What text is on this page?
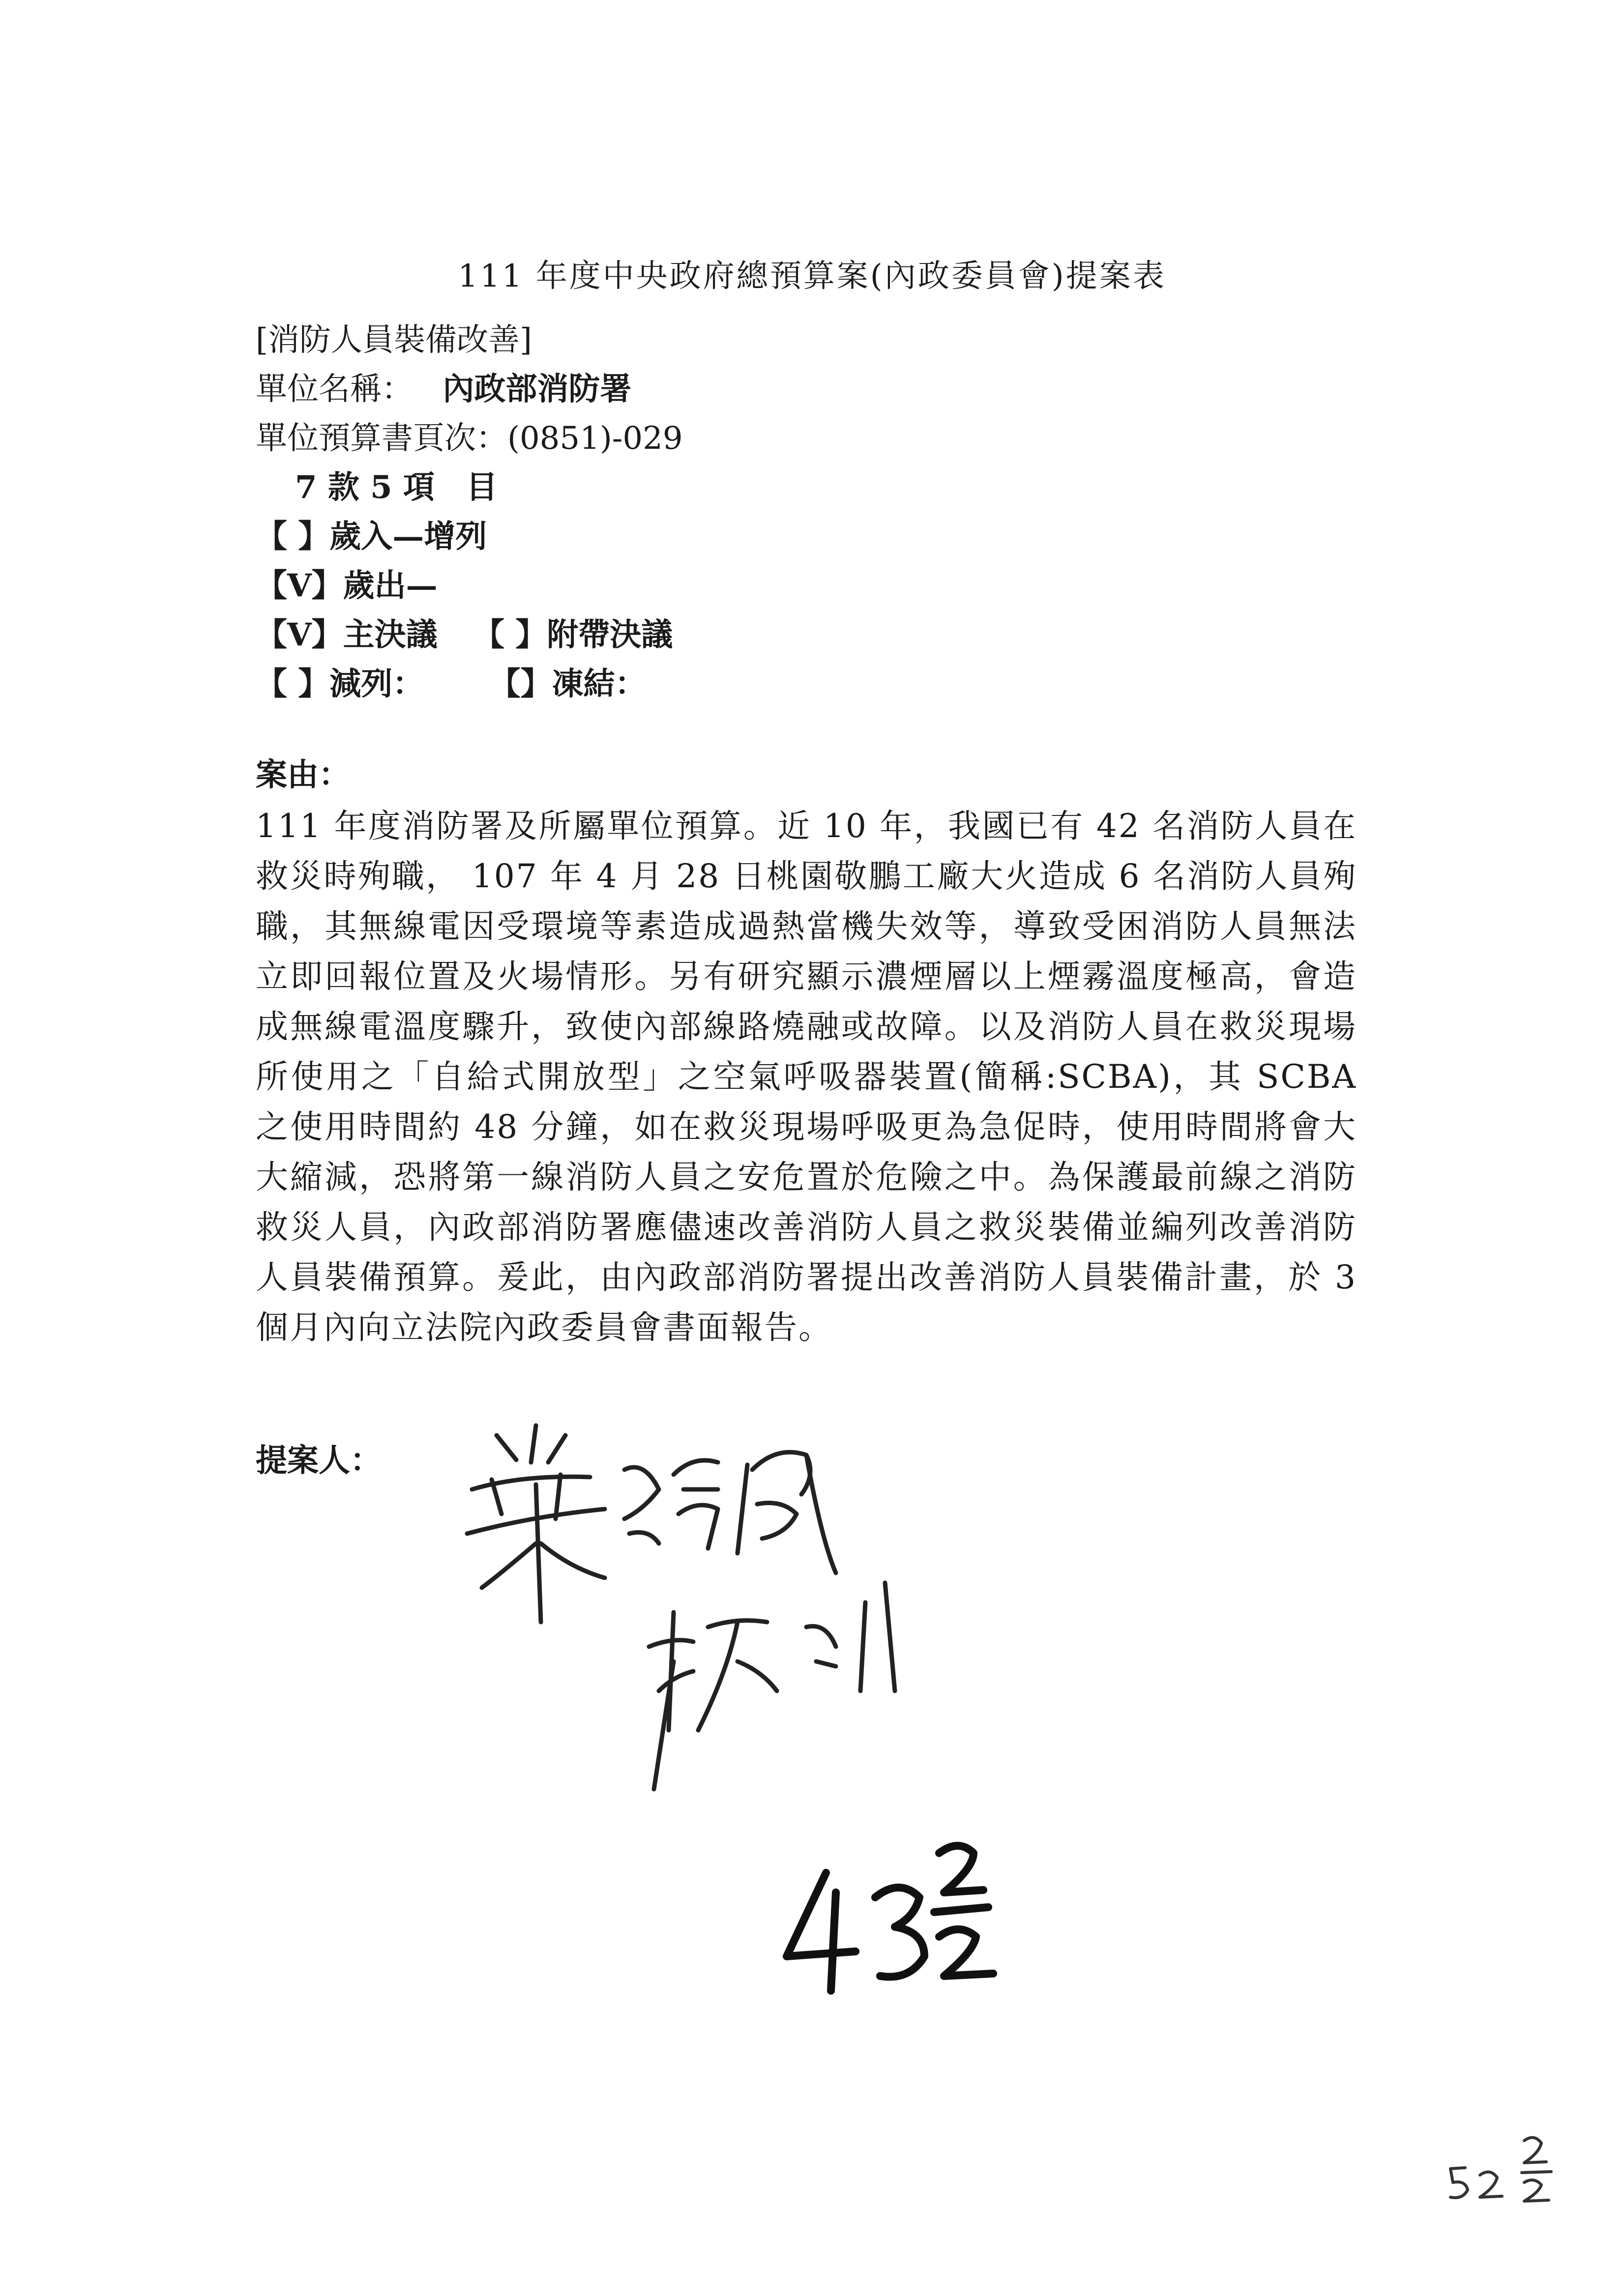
111 年度中央政府總預算案(內政委員會)提案表
[消防人員裝備改善]
單位名稱： 內政部消防署
單位預算書頁次：(0851)-029
7 款 5 項　目
【 】歲入—增列
【V】歲出—
【V】主決議 【 】附帶決議
【 】減列： 【】凍結：
案由：
111 年度消防署及所屬單位預算。近 10 年，我國已有 42 名消防人員在救災時殉職， 107 年 4 月 28 日桃園敬鵬工廠大火造成 6 名消防人員殉職，其無線電因受環境等素造成過熱當機失效等，導致受困消防人員無法立即回報位置及火場情形。另有研究顯示濃煙層以上煙霧溫度極高，會造成無線電溫度驟升，致使內部線路燒融或故障。以及消防人員在救災現場所使用之「自給式開放型」之空氣呼吸器裝置(簡稱:SCBA)，其 SCBA 之使用時間約 48 分鐘，如在救災現場呼吸更為急促時，使用時間將會大大縮減，恐將第一線消防人員之安危置於危險之中。為保護最前線之消防救災人員，內政部消防署應儘速改善消防人員之救災裝備並編列改善消防人員裝備預算。爰此，由內政部消防署提出改善消防人員裝備計畫，於 3 個月內向立法院內政委員會書面報告。
提案人：
